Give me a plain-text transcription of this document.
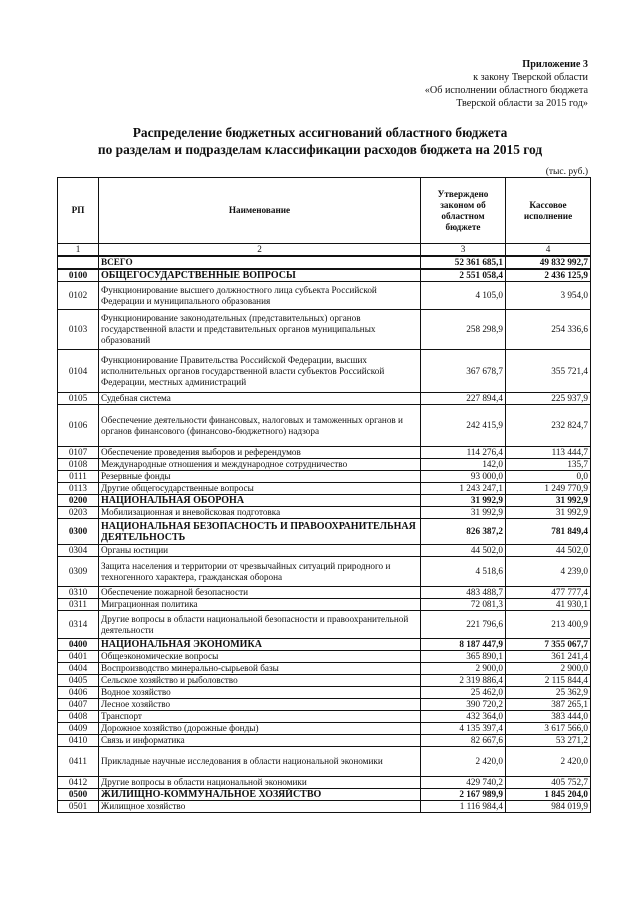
Приложение 3
к закону Тверской области
«Об исполнении областного бюджета
Тверской области за 2015 год»
Распределение бюджетных ассигнований областного бюджета
по разделам и подразделам классификации расходов бюджета на 2015 год
(тыс. руб.)
РП	Наименование	Утверждено законом об областном бюджете	Кассовое исполнение
1	2	3	4
	ВСЕГО	52 361 685,1	49 832 992,7
0100	ОБЩЕГОСУДАРСТВЕННЫЕ ВОПРОСЫ	2 551 058,4	2 436 125,9
0102	Функционирование высшего должностного лица субъекта Российской Федерации и муниципального образования	4 105,0	3 954,0
0103	Функционирование законодательных (представительных) органов государственной власти и представительных органов муниципальных образований	258 298,9	254 336,6
0104	Функционирование Правительства Российской Федерации, высших исполнительных органов государственной власти субъектов Российской Федерации, местных администраций	367 678,7	355 721,4
0105	Судебная система	227 894,4	225 937,9
0106	Обеспечение деятельности финансовых, налоговых и таможенных органов и органов финансового (финансово-бюджетного) надзора	242 415,9	232 824,7
0107	Обеспечение проведения выборов и референдумов	114 276,4	113 444,7
0108	Международные отношения и международное сотрудничество	142,0	135,7
0111	Резервные фонды	93 000,0	0,0
0113	Другие общегосударственные вопросы	1 243 247,1	1 249 770,9
0200	НАЦИОНАЛЬНАЯ ОБОРОНА	31 992,9	31 992,9
0203	Мобилизационная и вневойсковая подготовка	31 992,9	31 992,9
0300	НАЦИОНАЛЬНАЯ БЕЗОПАСНОСТЬ И ПРАВООХРАНИТЕЛЬНАЯ ДЕЯТЕЛЬНОСТЬ	826 387,2	781 849,4
0304	Органы юстиции	44 502,0	44 502,0
0309	Защита населения и территории от чрезвычайных ситуаций природного и техногенного характера, гражданская оборона	4 518,6	4 239,0
0310	Обеспечение пожарной безопасности	483 488,7	477 777,4
0311	Миграционная политика	72 081,3	41 930,1
0314	Другие вопросы в области национальной безопасности и правоохранительной деятельности	221 796,6	213 400,9
0400	НАЦИОНАЛЬНАЯ ЭКОНОМИКА	8 187 447,9	7 355 067,7
0401	Общеэкономические вопросы	365 890,1	361 241,4
0404	Воспроизводство минерально-сырьевой базы	2 900,0	2 900,0
0405	Сельское хозяйство и рыболовство	2 319 886,4	2 115 844,4
0406	Водное хозяйство	25 462,0	25 362,9
0407	Лесное хозяйство	390 720,2	387 265,1
0408	Транспорт	432 364,0	383 444,0
0409	Дорожное хозяйство (дорожные фонды)	4 135 397,4	3 617 566,0
0410	Связь и информатика	82 667,6	53 271,2
0411	Прикладные научные исследования в области национальной экономики	2 420,0	2 420,0
0412	Другие вопросы в области национальной экономики	429 740,2	405 752,7
0500	ЖИЛИЩНО-КОММУНАЛЬНОЕ ХОЗЯЙСТВО	2 167 989,9	1 845 204,0
0501	Жилищное хозяйство	1 116 984,4	984 019,9
